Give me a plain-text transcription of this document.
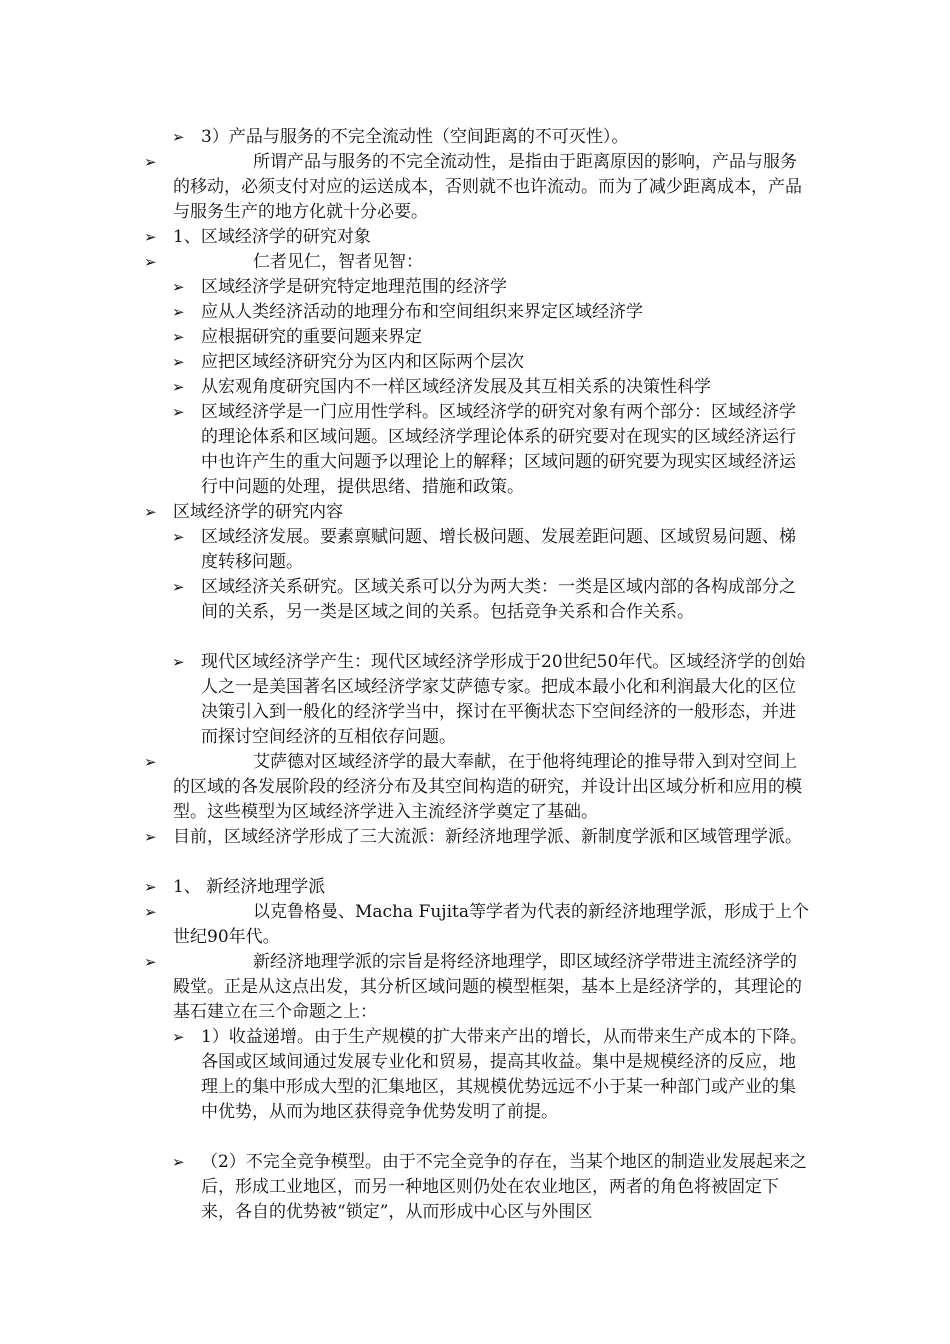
➢ 3）产品与服务的不完全流动性（空间距离的不可灭性）。
➢	所谓产品与服务的不完全流动性，是指由于距离原因的影响，产品与服务的移动，必须支付对应的运送成本，否则就不也许流动。而为了减少距离成本，产品与服务生产的地方化就十分必要。
➢ 1、区域经济学的研究对象
➢	仁者见仁，智者见智：
➢ 区域经济学是研究特定地理范围的经济学
➢ 应从人类经济活动的地理分布和空间组织来界定区域经济学
➢ 应根据研究的重要问题来界定
➢ 应把区域经济研究分为区内和区际两个层次
➢ 从宏观角度研究国内不一样区域经济发展及其互相关系的决策性科学
➢ 区域经济学是一门应用性学科。区域经济学的研究对象有两个部分：区域经济学的理论体系和区域问题。区域经济学理论体系的研究要对在现实的区域经济运行中也许产生的重大问题予以理论上的解释；区域问题的研究要为现实区域经济运行中问题的处理，提供思绪、措施和政策。
➢ 区域经济学的研究内容
➢ 区域经济发展。要素禀赋问题、增长极问题、发展差距问题、区域贸易问题、梯度转移问题。
➢ 区域经济关系研究。区域关系可以分为两大类：一类是区域内部的各构成部分之间的关系，另一类是区域之间的关系。包括竞争关系和合作关系。
➢ 现代区域经济学产生：现代区域经济学形成于20世纪50年代。区域经济学的创始人之一是美国著名区域经济学家艾萨德专家。把成本最小化和利润最大化的区位决策引入到一般化的经济学当中，探讨在平衡状态下空间经济的一般形态，并进而探讨空间经济的互相依存问题。
➢	艾萨德对区域经济学的最大奉献，在于他将纯理论的推导带入到对空间上的区域的各发展阶段的经济分布及其空间构造的研究，并设计出区域分析和应用的模型。这些模型为区域经济学进入主流经济学奠定了基础。
➢ 目前，区域经济学形成了三大流派：新经济地理学派、新制度学派和区域管理学派。
➢ 1、 新经济地理学派
➢	以克鲁格曼、Macha Fujita等学者为代表的新经济地理学派，形成于上个世纪90年代。
➢	新经济地理学派的宗旨是将经济地理学，即区域经济学带进主流经济学的殿堂。正是从这点出发，其分析区域问题的模型框架，基本上是经济学的，其理论的基石建立在三个命题之上：
➢ 1）收益递增。由于生产规模的扩大带来产出的增长，从而带来生产成本的下降。各国或区域间通过发展专业化和贸易，提高其收益。集中是规模经济的反应，地理上的集中形成大型的汇集地区，其规模优势远远不小于某一种部门或产业的集中优势，从而为地区获得竞争优势发明了前提。
➢ （2）不完全竞争模型。由于不完全竞争的存在，当某个地区的制造业发展起来之后，形成工业地区，而另一种地区则仍处在农业地区，两者的角色将被固定下来，各自的优势被“锁定”，从而形成中心区与外围区
